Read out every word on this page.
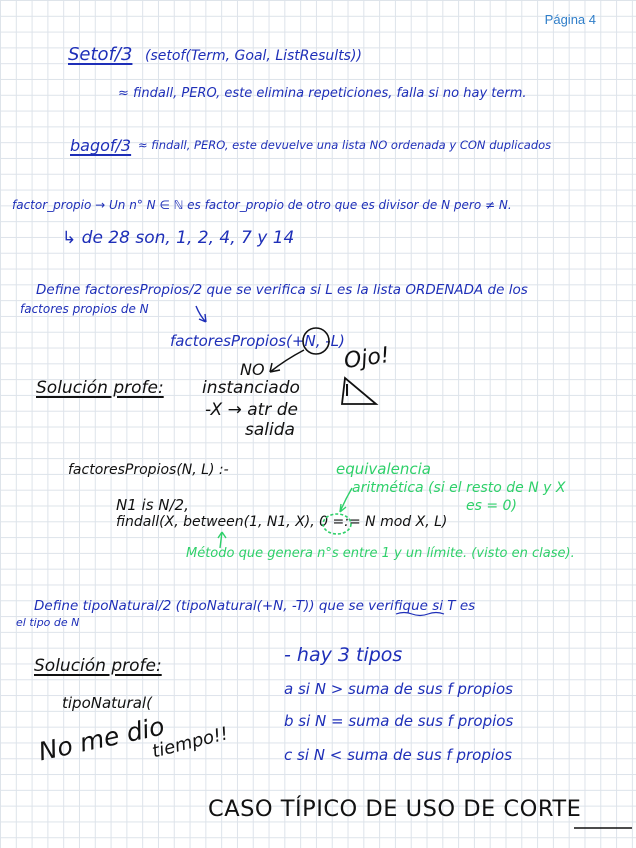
Página 4
Setof/3 (setof(Term, Goal, ListResults))
≈ findall, PERO, este elimina repeticiones, falla si no hay term.
bagof/3 ≈ findall, PERO, este devuelve una lista NO ordenada y CON duplicados
factor_propio → Un n° N ∈ ℕ es factor_propio de otro que es divisor de N pero ≠ N.
↳ de 28 son, 1, 2, 4, 7 y 14
Define factoresPropios/2 que se verifica si L es la lista ORDENADA de los
factores propios de N
factoresPropios(+N, -L)
Ojo!
NO
instanciado
-X → atr de
salida
Solución profe:
factoresPropios(N, L) :-
N1 is N/2,
findall(X, between(1, N1, X), 0 =:= N mod X, L)
equivalencia
aritmética (si el resto de N y X
es = 0)
Método que genera n°s entre 1 y un límite. (visto en clase).
Define tipoNatural/2 (tipoNatural(+N, -T)) que se verifique si T es
el tipo de N
Solución profe:
tipoNatural(
- hay 3 tipos
a si N > suma de sus f propios
b si N = suma de sus f propios
c si N < suma de sus f propios
No me dio
tiempo!!
CASO TÍPICO DE USO DE CORTE
